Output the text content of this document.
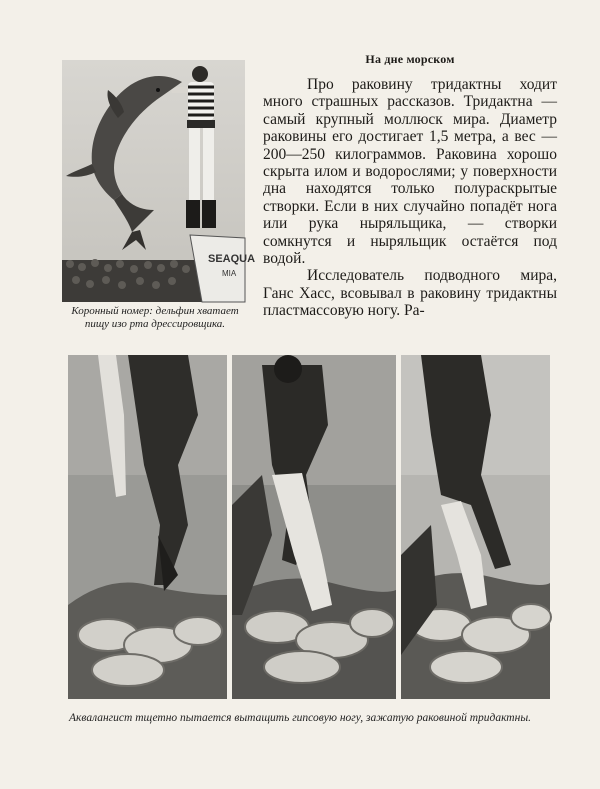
SEAQUA
MIA
Коронный номер: дельфин хватает пищу изо рта дрессировщика.
На дне морском

Про раковину тридактны ходит много страшных рассказов. Тридактна — самый крупный моллюск мира. Диаметр раковины его достигает 1,5 метра, а вес — 200—250 килограммов. Раковина хорошо скрыта илом и водорослями; у поверхности дна находятся только полураскрытые створки. Если в них случайно попадёт нога или рука ныряльщика, — створки сомкнутся и ныряльщик остаётся под водой.

Исследователь подводного мира, Ганс Хасс, всовывал в раковину тридактны пластмассовую ногу. Ра-

Аквалангист тщетно пытается вытащить гипсовую ногу, зажатую раковиной тридактны.
